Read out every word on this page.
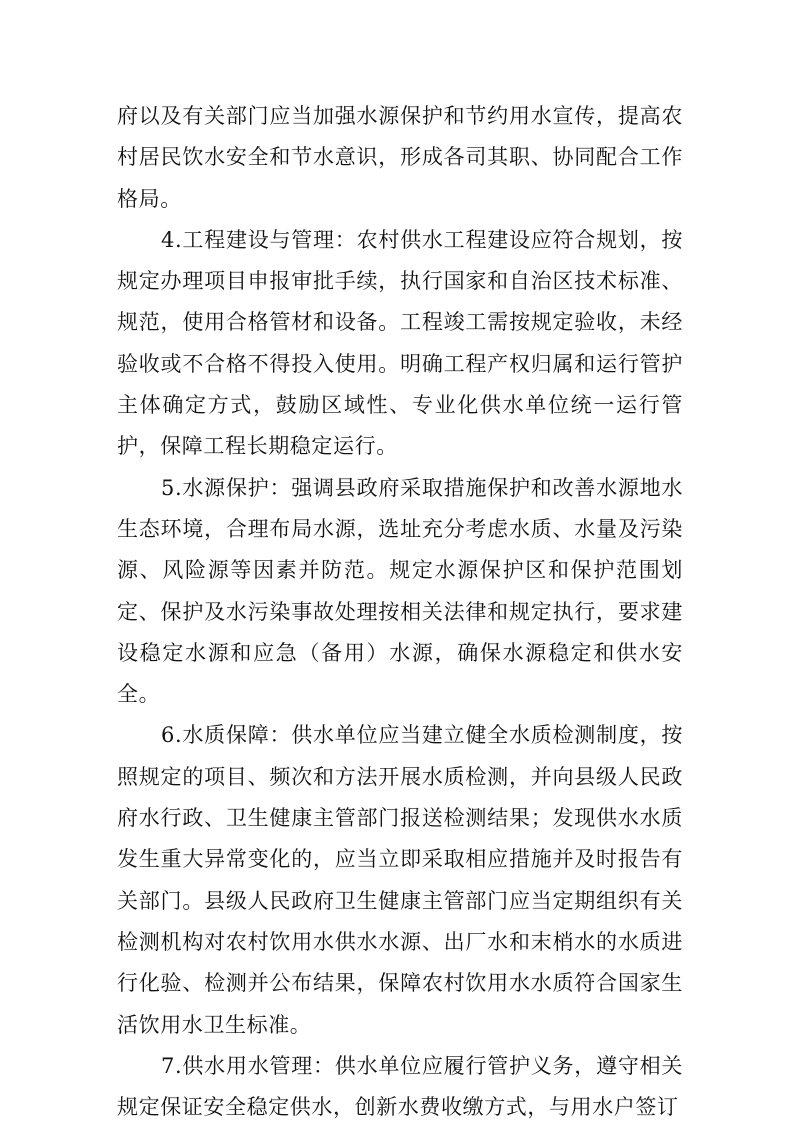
府以及有关部门应当加强水源保护和节约用水宣传，提高农村居民饮水安全和节水意识，形成各司其职、协同配合工作格局。

4.工程建设与管理：农村供水工程建设应符合规划，按规定办理项目申报审批手续，执行国家和自治区技术标准、规范，使用合格管材和设备。工程竣工需按规定验收，未经验收或不合格不得投入使用。明确工程产权归属和运行管护主体确定方式，鼓励区域性、专业化供水单位统一运行管护，保障工程长期稳定运行。

5.水源保护：强调县政府采取措施保护和改善水源地水生态环境，合理布局水源，选址充分考虑水质、水量及污染源、风险源等因素并防范。规定水源保护区和保护范围划定、保护及水污染事故处理按相关法律和规定执行，要求建设稳定水源和应急（备用）水源，确保水源稳定和供水安全。

6.水质保障：供水单位应当建立健全水质检测制度，按照规定的项目、频次和方法开展水质检测，并向县级人民政府水行政、卫生健康主管部门报送检测结果；发现供水水质发生重大异常变化的，应当立即采取相应措施并及时报告有关部门。县级人民政府卫生健康主管部门应当定期组织有关检测机构对农村饮用水供水水源、出厂水和末梢水的水质进行化验、检测并公布结果，保障农村饮用水水质符合国家生活饮用水卫生标准。

7.供水用水管理：供水单位应履行管护义务，遵守相关规定保证安全稳定供水，创新水费收缴方式，与用水户签订
